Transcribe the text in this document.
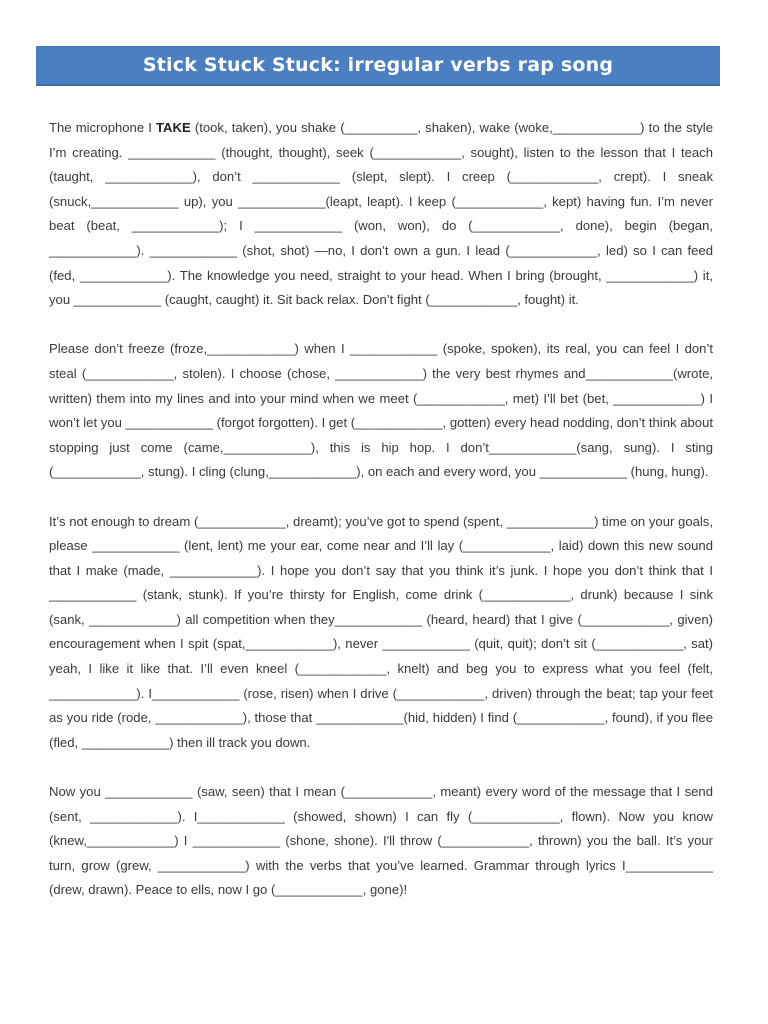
Stick Stuck Stuck: irregular verbs rap song

The microphone I TAKE (took, taken), you shake (__________, shaken), wake (woke,____________) to the style I’m creating. ____________ (thought, thought), seek (____________, sought), listen to the lesson that I teach (taught, ____________), don’t ____________ (slept, slept). I creep (____________, crept). I sneak (snuck,____________ up), you ____________(leapt, leapt). I keep (____________, kept) having fun. I’m never beat (beat, ____________); I ____________ (won, won), do (____________, done), begin (began, ____________). ____________ (shot, shot) —no, I don’t own a gun. I lead (____________, led) so I can feed (fed, ____________). The knowledge you need, straight to your head. When I bring (brought, ____________) it, you ____________ (caught, caught) it. Sit back relax. Don’t fight (____________, fought) it.

Please don’t freeze (froze,____________) when I ____________ (spoke, spoken), its real, you can feel I don’t steal (____________, stolen). I choose (chose, ____________) the very best rhymes and____________(wrote, written) them into my lines and into your mind when we meet (____________, met) I’ll bet (bet, ____________) I won’t let you ____________ (forgot forgotten). I get (____________, gotten) every head nodding, don’t think about stopping just come (came,____________), this is hip hop. I don’t____________(sang, sung). I sting (____________, stung). I cling (clung,____________), on each and every word, you ____________ (hung, hung).

It’s not enough to dream (____________, dreamt); you’ve got to spend (spent, ____________) time on your goals, please ____________ (lent, lent) me your ear, come near and I’ll lay (____________, laid) down this new sound that I make (made, ____________). I hope you don’t say that you think it’s junk. I hope you don’t think that I ____________ (stank, stunk). If you’re thirsty for English, come drink (____________, drunk) because I sink (sank, ____________) all competition when they____________ (heard, heard) that I give (____________, given) encouragement when I spit (spat,____________), never ____________ (quit, quit); don’t sit (____________, sat) yeah, I like it like that. I’ll even kneel (____________, knelt) and beg you to express what you feel (felt, ____________). I____________ (rose, risen) when I drive (____________, driven) through the beat; tap your feet as you ride (rode, ____________), those that ____________(hid, hidden) I find (____________, found), if you flee (fled, ____________) then ill track you down.

Now you ____________ (saw, seen) that I mean (____________, meant) every word of the message that I send (sent, ____________). I____________ (showed, shown) I can fly (____________, flown). Now you know (knew,____________) I ____________ (shone, shone). I'll throw (____________, thrown) you the ball. It’s your turn, grow (grew, ____________) with the verbs that you’ve learned. Grammar through lyrics I____________ (drew, drawn). Peace to ells, now I go (____________, gone)!
